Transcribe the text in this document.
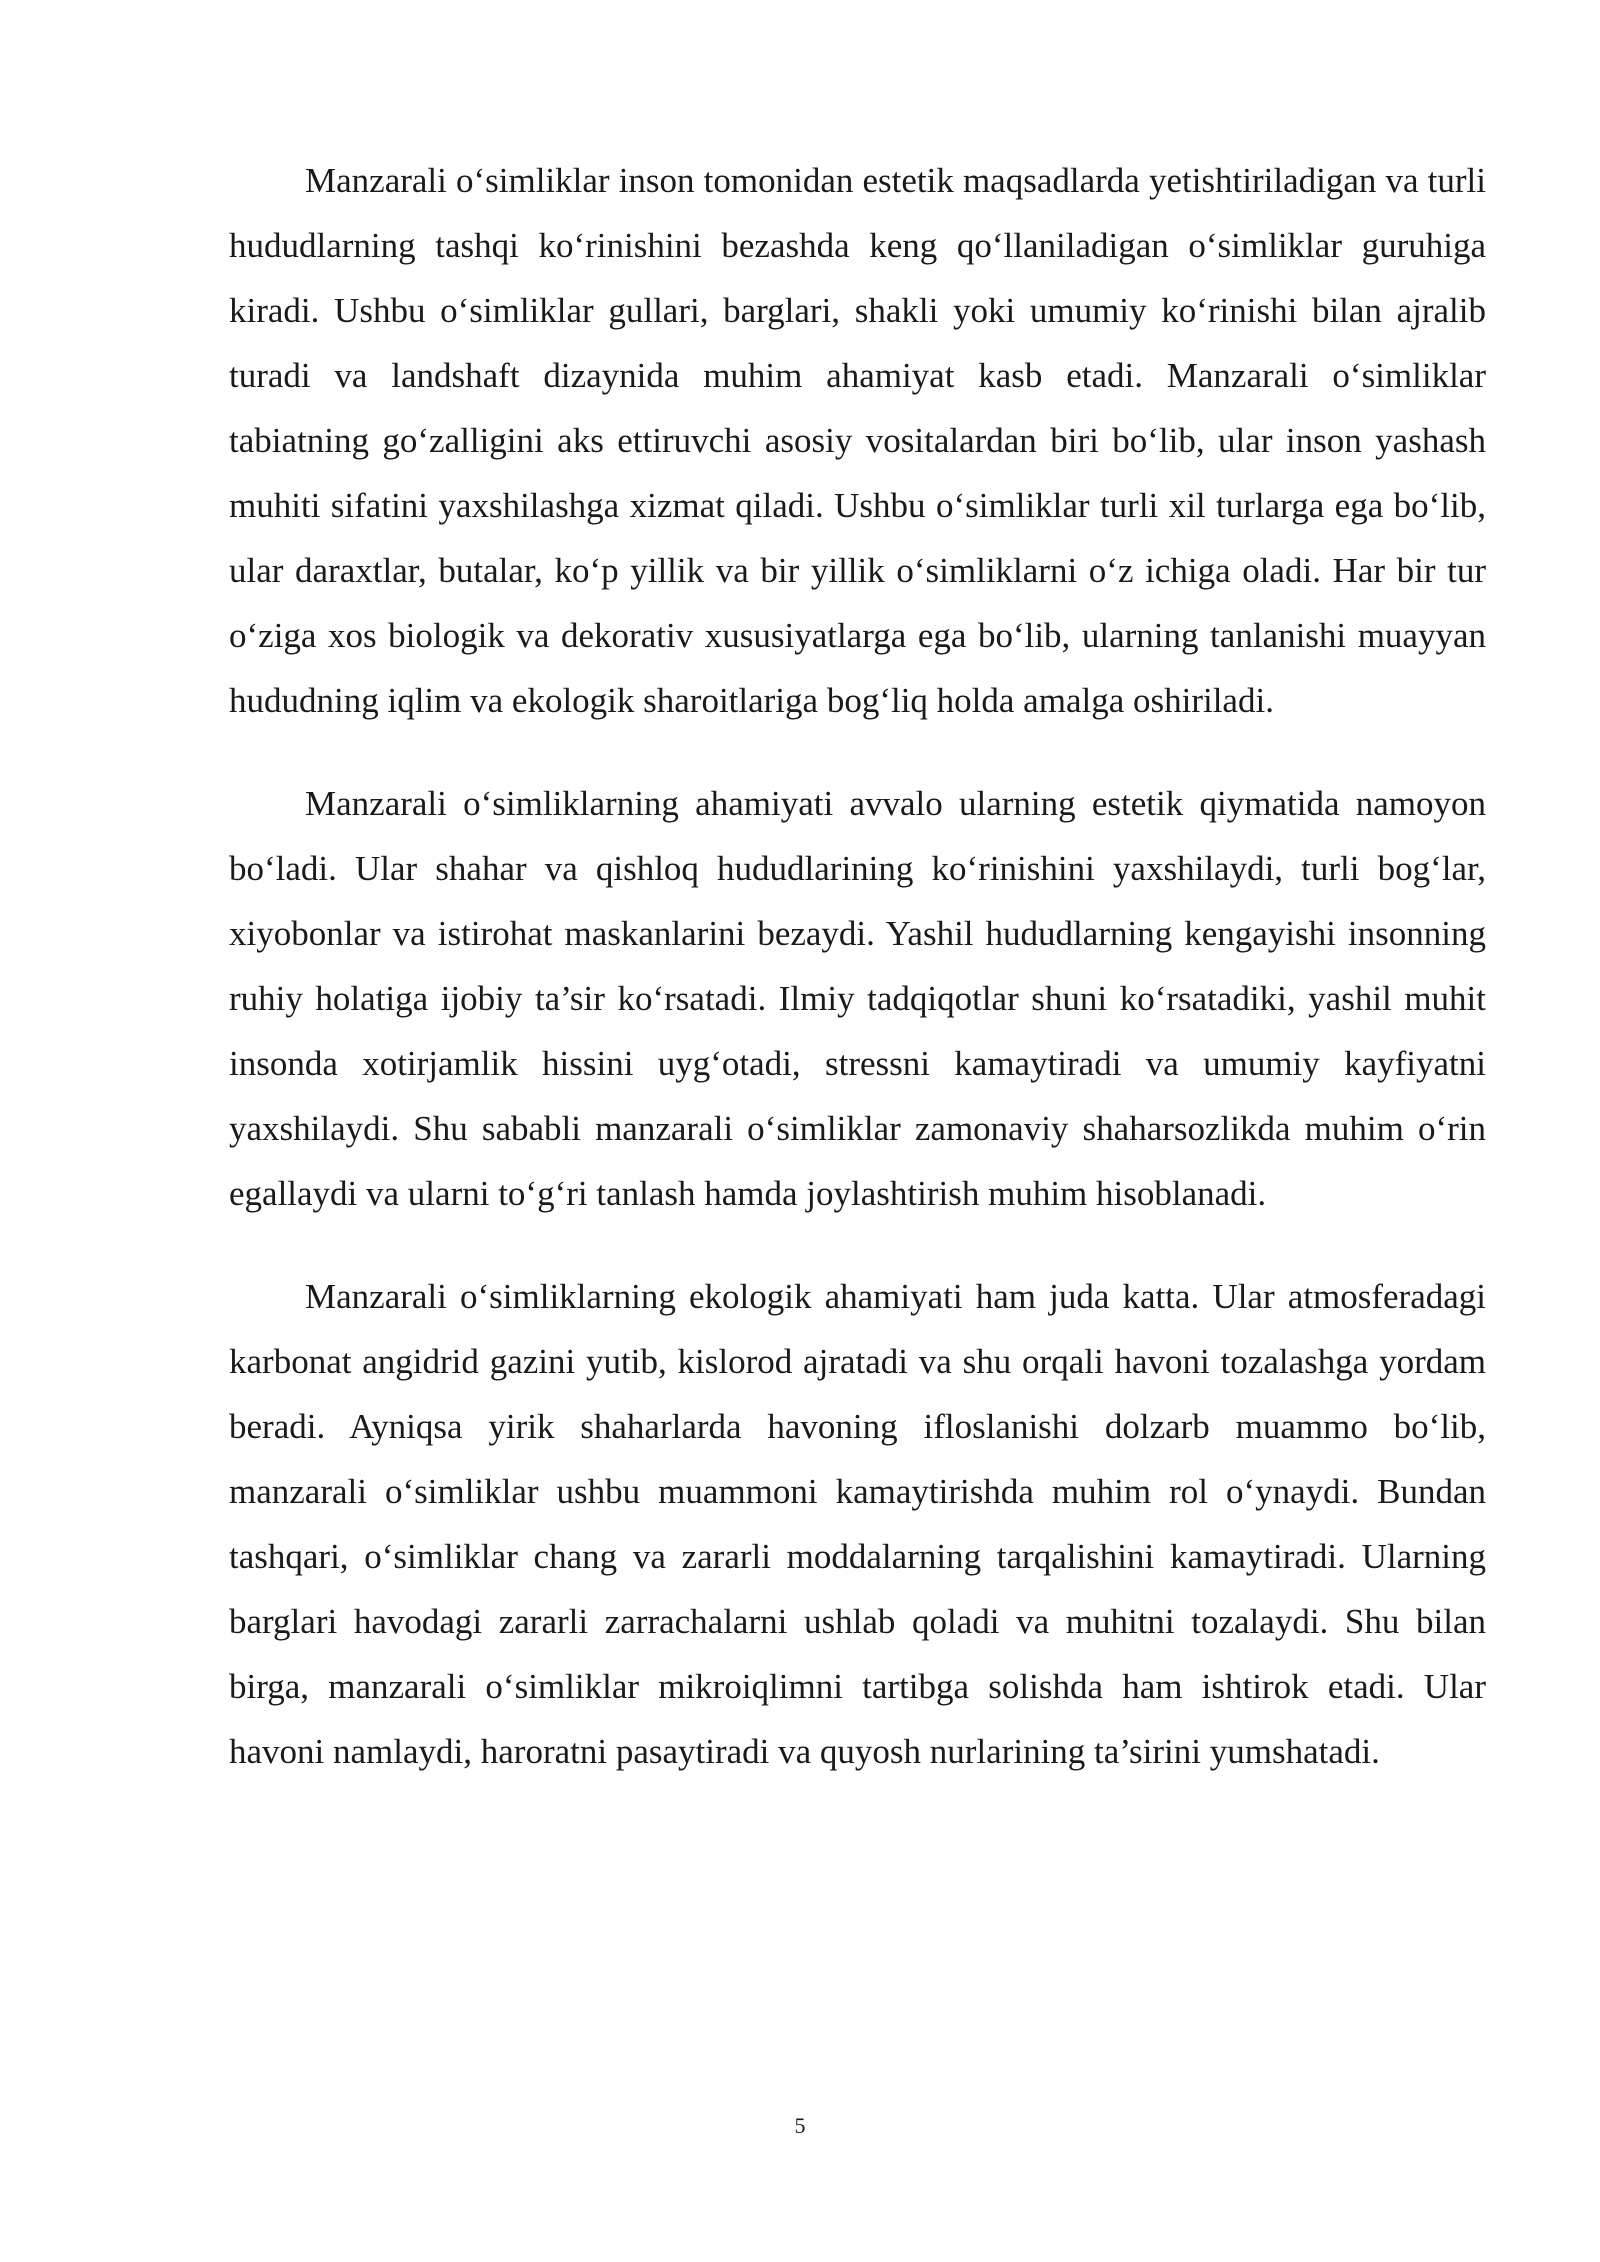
Manzarali o‘simliklar inson tomonidan estetik maqsadlarda yetishtiriladigan va turli hududlarning tashqi ko‘rinishini bezashda keng qo‘llaniladigan o‘simliklar guruhiga kiradi. Ushbu o‘simliklar gullari, barglari, shakli yoki umumiy ko‘rinishi bilan ajralib turadi va landshaft dizaynida muhim ahamiyat kasb etadi. Manzarali o‘simliklar tabiatning go‘zalligini aks ettiruvchi asosiy vositalardan biri bo‘lib, ular inson yashash muhiti sifatini yaxshilashga xizmat qiladi. Ushbu o‘simliklar turli xil turlarga ega bo‘lib, ular daraxtlar, butalar, ko‘p yillik va bir yillik o‘simliklarni o‘z ichiga oladi. Har bir tur o‘ziga xos biologik va dekorativ xususiyatlarga ega bo‘lib, ularning tanlanishi muayyan hududning iqlim va ekologik sharoitlariga bog‘liq holda amalga oshiriladi.

Manzarali o‘simliklarning ahamiyati avvalo ularning estetik qiymatida namoyon bo‘ladi. Ular shahar va qishloq hududlarining ko‘rinishini yaxshilaydi, turli bog‘lar, xiyobonlar va istirohat maskanlarini bezaydi. Yashil hududlarning kengayishi insonning ruhiy holatiga ijobiy ta’sir ko‘rsatadi. Ilmiy tadqiqotlar shuni ko‘rsatadiki, yashil muhit insonda xotirjamlik hissini uyg‘otadi, stressni kamaytiradi va umumiy kayfiyatni yaxshilaydi. Shu sababli manzarali o‘simliklar zamonaviy shaharsozlikda muhim o‘rin egallaydi va ularni to‘g‘ri tanlash hamda joylashtirish muhim hisoblanadi.

Manzarali o‘simliklarning ekologik ahamiyati ham juda katta. Ular atmosferadagi karbonat angidrid gazini yutib, kislorod ajratadi va shu orqali havoni tozalashga yordam beradi. Ayniqsa yirik shaharlarda havoning ifloslanishi dolzarb muammo bo‘lib, manzarali o‘simliklar ushbu muammoni kamaytirishda muhim rol o‘ynaydi. Bundan tashqari, o‘simliklar chang va zararli moddalarning tarqalishini kamaytiradi. Ularning barglari havodagi zararli zarrachalarni ushlab qoladi va muhitni tozalaydi. Shu bilan birga, manzarali o‘simliklar mikroiqlimni tartibga solishda ham ishtirok etadi. Ular havoni namlaydi, haroratni pasaytiradi va quyosh nurlarining ta’sirini yumshatadi.

5
